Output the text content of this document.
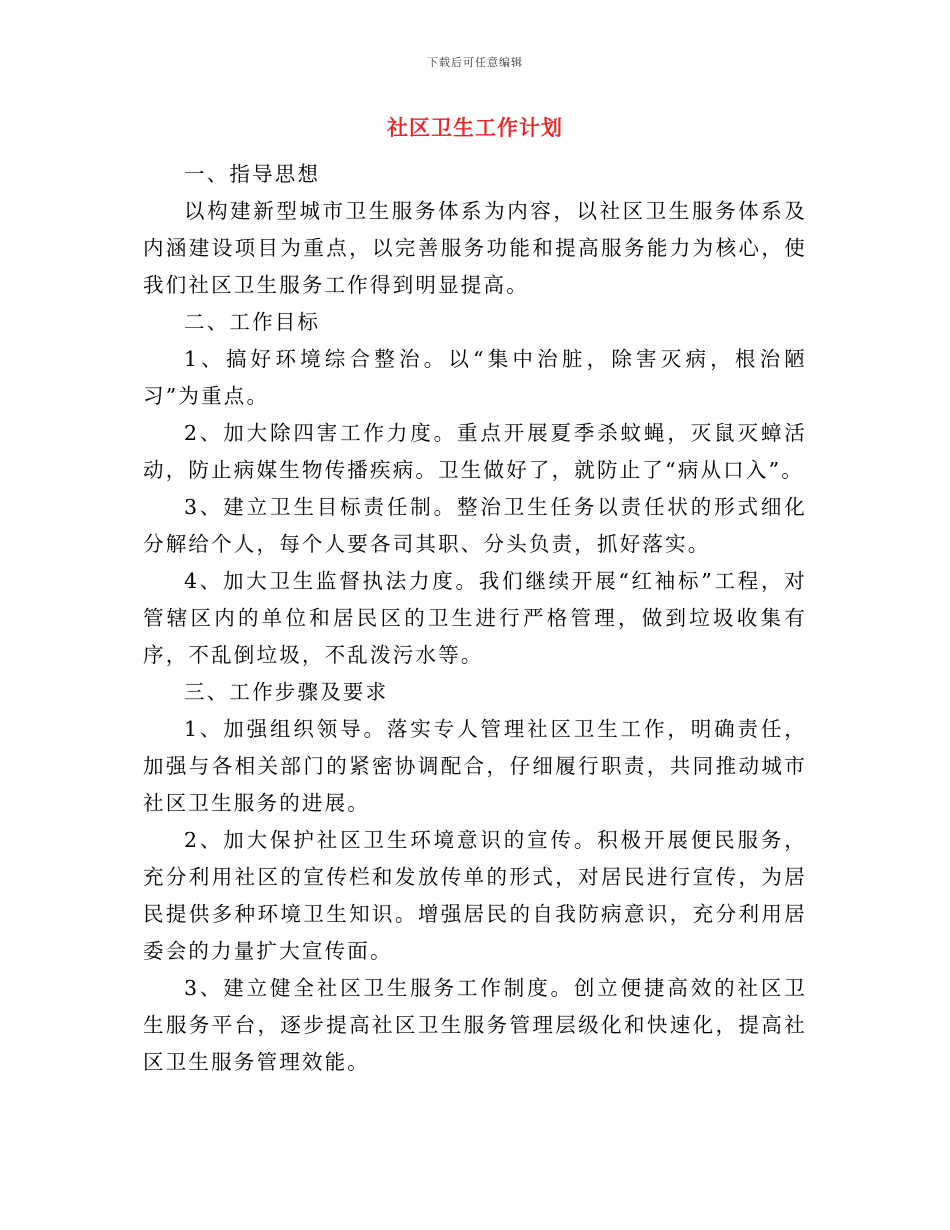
下载后可任意编辑
社区卫生工作计划

一、指导思想

以构建新型城市卫生服务体系为内容，以社区卫生服务体系及内涵建设项目为重点，以完善服务功能和提高服务能力为核心，使我们社区卫生服务工作得到明显提高。

二、工作目标

1、搞好环境综合整治。以“集中治脏，除害灭病，根治陋习”为重点。

2、加大除四害工作力度。重点开展夏季杀蚊蝇，灭鼠灭蟑活动，防止病媒生物传播疾病。卫生做好了，就防止了“病从口入”。

3、建立卫生目标责任制。整治卫生任务以责任状的形式细化分解给个人，每个人要各司其职、分头负责，抓好落实。

4、加大卫生监督执法力度。我们继续开展“红袖标”工程，对管辖区内的单位和居民区的卫生进行严格管理，做到垃圾收集有序，不乱倒垃圾，不乱泼污水等。

三、工作步骤及要求

1、加强组织领导。落实专人管理社区卫生工作，明确责任，加强与各相关部门的紧密协调配合，仔细履行职责，共同推动城市社区卫生服务的进展。

2、加大保护社区卫生环境意识的宣传。积极开展便民服务，充分利用社区的宣传栏和发放传单的形式，对居民进行宣传，为居民提供多种环境卫生知识。增强居民的自我防病意识，充分利用居委会的力量扩大宣传面。

3、建立健全社区卫生服务工作制度。创立便捷高效的社区卫生服务平台，逐步提高社区卫生服务管理层级化和快速化，提高社区卫生服务管理效能。
